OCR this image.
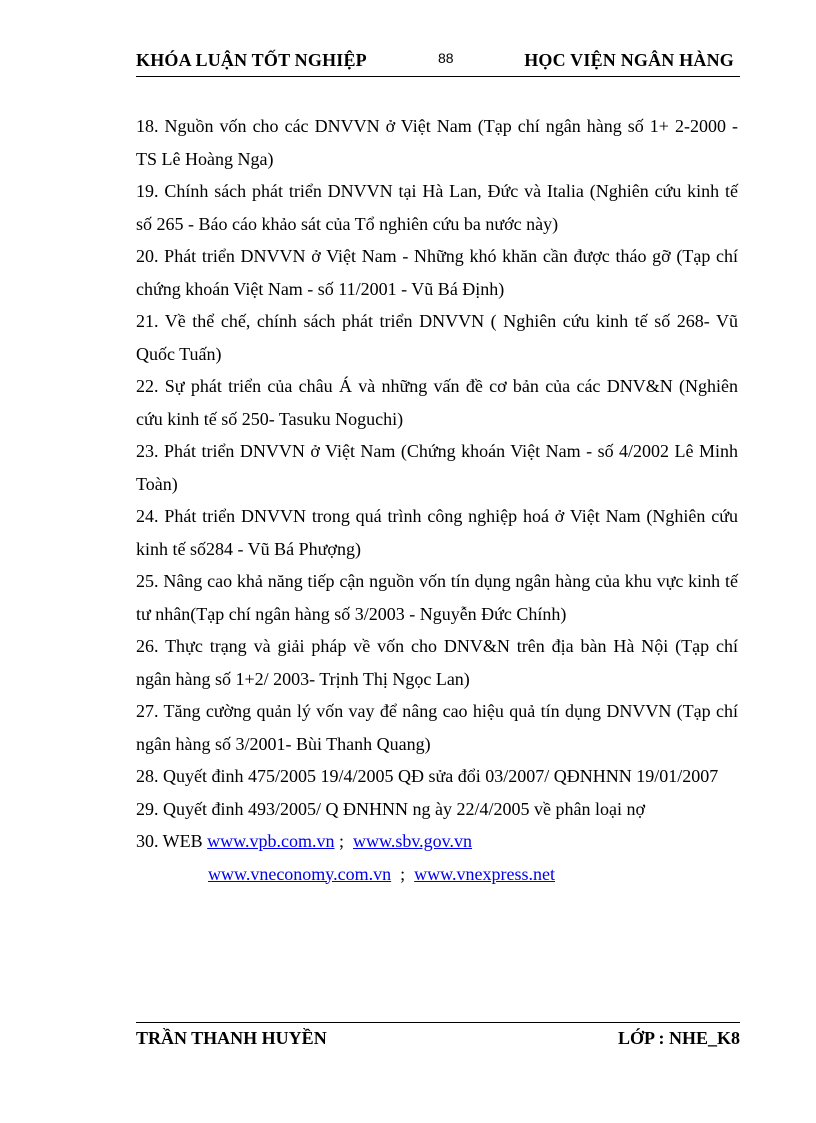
KHÓA LUẬN TỐT NGHIỆP	88	HỌC VIỆN NGÂN HÀNG
18. Nguồn vốn cho các DNVVN ở Việt Nam (Tạp chí ngân hàng số 1+ 2-2000 - TS Lê Hoàng Nga)
19. Chính sách phát triển DNVVN tại Hà Lan, Đức và Italia (Nghiên cứu kinh tế số 265 - Báo cáo khảo sát của Tổ nghiên cứu ba nước này)
20. Phát triển DNVVN ở Việt Nam - Những khó khăn cần được tháo gỡ (Tạp chí chứng khoán Việt Nam - số 11/2001 - Vũ Bá Định)
21. Về thể chế, chính sách phát triển DNVVN ( Nghiên cứu kinh tế số 268- Vũ Quốc Tuấn)
22. Sự phát triển của châu Á và những vấn đề cơ bản của các DNV&N (Nghiên cứu kinh tế số 250- Tasuku Noguchi)
23. Phát triển DNVVN ở Việt Nam (Chứng khoán Việt Nam - số 4/2002 Lê Minh Toàn)
24. Phát triển DNVVN trong quá trình công nghiệp hoá ở Việt Nam (Nghiên cứu kinh tế số284 - Vũ Bá Phượng)
25. Nâng cao khả năng tiếp cận nguồn vốn tín dụng ngân hàng của khu vực kinh tế tư nhân(Tạp chí ngân hàng số 3/2003 - Nguyễn Đức Chính)
26. Thực trạng và giải pháp về vốn cho DNV&N trên địa bàn Hà Nội (Tạp chí ngân hàng số 1+2/ 2003- Trịnh Thị Ngọc Lan)
27. Tăng cường quản lý vốn vay để nâng cao hiệu quả tín dụng DNVVN (Tạp chí ngân hàng số 3/2001- Bùi Thanh Quang)
28. Quyết đinh 475/2005 19/4/2005 QĐ sửa đổi 03/2007/ QĐNHNN 19/01/2007
29. Quyết đinh 493/2005/ Q ĐNHNN ng ày 22/4/2005 về phân loại nợ
30. WEB www.vpb.com.vn ; www.sbv.gov.vn
www.vneconomy.com.vn ; www.vnexpress.net
TRẦN THANH HUYỀN	LỚP : NHE_K8
